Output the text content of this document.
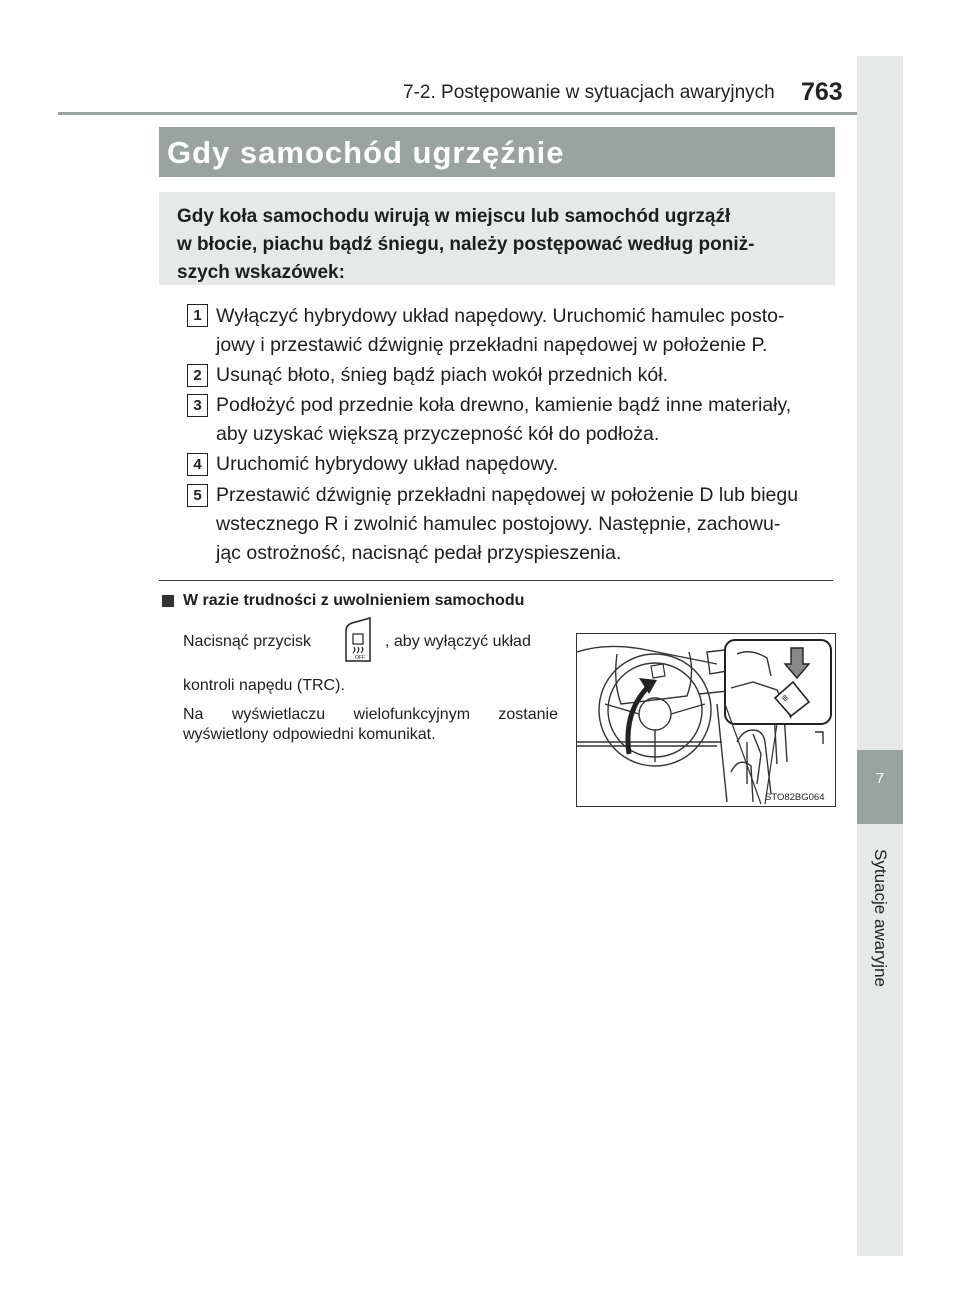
7-2. Postępowanie w sytuacjach awaryjnych 763
7
Sytuacje awaryjne
Gdy samochód ugrzęźnie
Gdy koła samochodu wirują w miejscu lub samochód ugrząźł
w błocie, piachu bądź śniegu, należy postępować według poniż-
szych wskazówek:
1 Wyłączyć hybrydowy układ napędowy. Uruchomić hamulec posto-
jowy i przestawić dźwignię przekładni napędowej w położenie P.
2 Usunąć błoto, śnieg bądź piach wokół przednich kół.
3 Podłożyć pod przednie koła drewno, kamienie bądź inne materiały,
aby uzyskać większą przyczepność kół do podłoża.
4 Uruchomić hybrydowy układ napędowy.
5 Przestawić dźwignię przekładni napędowej w położenie D lub biegu
wstecznego R i zwolnić hamulec postojowy. Następnie, zachowu-
jąc ostrożność, nacisnąć pedał przyspieszenia.
W razie trudności z uwolnieniem samochodu
Nacisnąć przycisk
OFF
, aby wyłączyć układ
kontroli napędu (TRC).
Na wyświetlaczu wielofunkcyjnym zostanie
wyświetlony odpowiedni komunikat.
≋
STO82BG064
